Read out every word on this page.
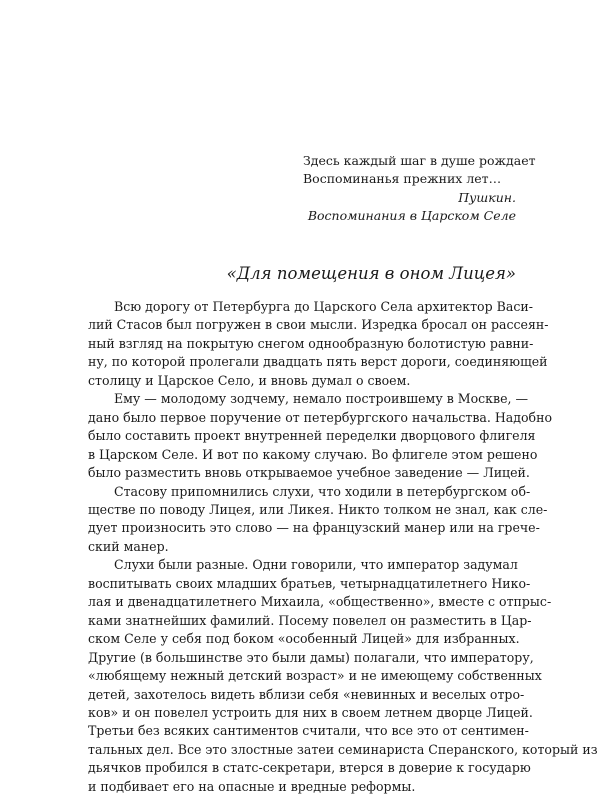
Здесь каждый шаг в душе рождает
Воспоминанья прежних лет…
Пушкин.
Воспоминания в Царском Селе
«Для помещения в оном Лицея»
Всю дорогу от Петербурга до Царского Села архитектор Васи-
лий Стасов был погружен в свои мысли. Изредка бросал он рассеян-
ный взгляд на покрытую снегом однообразную болотистую равни-
ну, по которой пролегали двадцать пять верст дороги, соединяющей
столицу и Царское Село, и вновь думал о своем.
Ему — молодому зодчему, немало построившему в Москве, —
дано было первое поручение от петербургского начальства. Надобно
было составить проект внутренней переделки дворцового флигеля
в Царском Селе. И вот по какому случаю. Во флигеле этом решено
было разместить вновь открываемое учебное заведение — Лицей.
Стасову припомнились слухи, что ходили в петербургском об-
ществе по поводу Лицея, или Ликея. Никто толком не знал, как сле-
дует произносить это слово — на французский манер или на грече-
ский манер.
Слухи были разные. Одни говорили, что император задумал
воспитывать своих младших братьев, четырнадцатилетнего Нико-
лая и двенадцатилетнего Михаила, «общественно», вместе с отпрыс-
ками знатнейших фамилий. Посему повелел он разместить в Цар-
ском Селе у себя под боком «особенный Лицей» для избранных.
Другие (в большинстве это были дамы) полагали, что императору,
«любящему нежный детский возраст» и не имеющему собственных
детей, захотелось видеть вблизи себя «невинных и веселых отро-
ков» и он повелел устроить для них в своем летнем дворце Лицей.
Третьи без всяких сантиментов считали, что все это от сентимен-
тальных дел. Все это злостные затеи семинариста Сперанского, который из
дьячков пробился в статс-секретари, втерся в доверие к государю
и подбивает его на опасные и вредные реформы.
